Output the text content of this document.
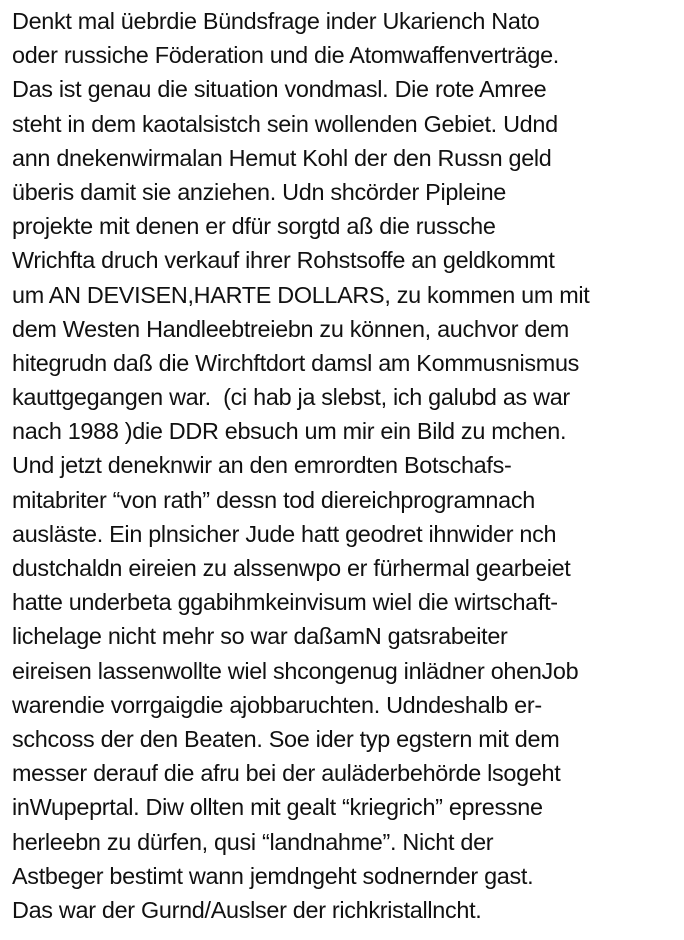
Denkt mal üebrdie Bündsfrage inder Ukariench Nato
oder russiche Föderation und die Atomwaffenverträge.
Das ist genau die situation vondmasl. Die rote Amree
steht in dem kaotalsistch sein wollenden Gebiet. Udnd
ann dnekenwirmalan Hemut Kohl der den Russn geld
überis damit sie anziehen. Udn shcörder Pipleine
projekte mit denen er dfür sorgtd aß die russche
Wrichfta druch verkauf ihrer Rohstsoffe an geldkommt
um AN DEVISEN,HARTE DOLLARS, zu kommen um mit
dem Westen Handleebtreiebn zu können, auchvor dem
hitegrudn daß die Wirchftdort damsl am Kommusnismus
kauttgegangen war.  (ci hab ja slebst, ich galubd as war
nach 1988 )die DDR ebsuch um mir ein Bild zu mchen.
Und jetzt deneknwir an den emrordten Botschafs-
mitabriter “von rath” dessn tod diereichprogramnach
ausläste. Ein plnsicher Jude hatt geodret ihnwider nch
dustchaldn eireien zu alssenwpo er fürhermal gearbeiet
hatte underbeta ggabihmkeinvisum wiel die wirtschaft-
lichelage nicht mehr so war daßamN gatsrabeiter
eireisen lassenwollte wiel shcongenug inlädner ohenJob
warendie vorrgaigdie ajobbaruchten. Udndeshalb er-
schcoss der den Beaten. Soe ider typ egstern mit dem
messer derauf die afru bei der auläderbehörde lsogeht
inWupeprtal. Diw ollten mit gealt “kriegrich” epressne
herleebn zu dürfen, qusi “landnahme”. Nicht der
Astbeger bestimt wann jemdngeht sodnernder gast.
Das war der Gurnd/Auslser der richkristallncht.
